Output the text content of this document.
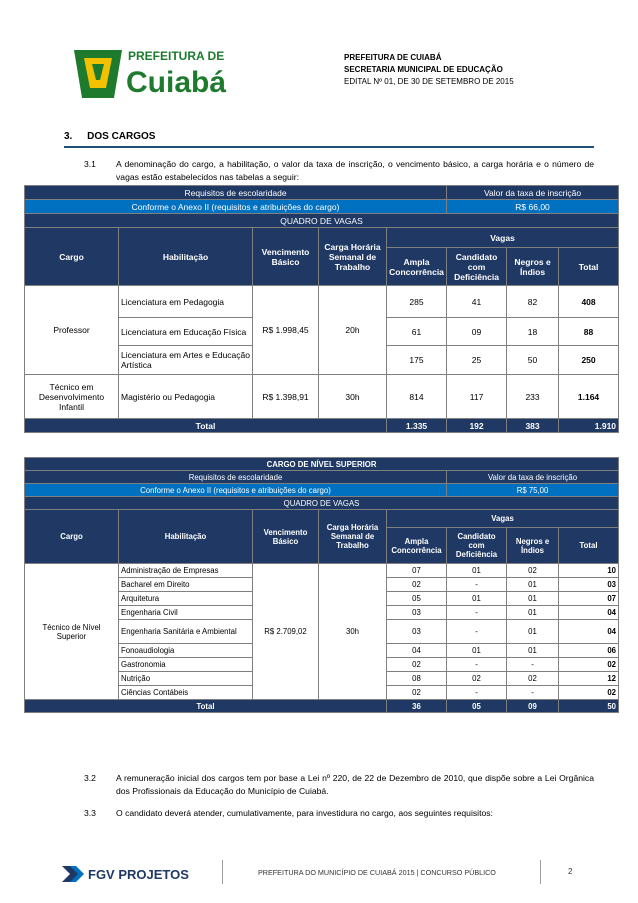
PREFEITURA DE
Cuiabá
PREFEITURA DE CUIABÁ
SECRETARIA MUNICIPAL DE EDUCAÇÃO
EDITAL Nº 01, DE 30 DE SETEMBRO DE 2015
3. DOS CARGOS
3.1 A denominação do cargo, a habilitação, o valor da taxa de inscrição, o vencimento básico, a carga horária e o número de vagas estão estabelecidos nas tabelas a seguir:
Requisitos de escolaridade					Valor da taxa de inscrição		
Conforme o Anexo II (requisitos e atribuições do cargo)					R$ 66,00		
QUADRO DE VAGAS							
Cargo	Habilitação	Vencimento Básico	Carga Horária Semanal de Trabalho	Vagas			
				Ampla Concorrência	Candidato com Deficiência	Negros e Índios	Total
Professor	Licenciatura em Pedagogia	R$ 1.998,45	20h	285	41	82	408
	Licenciatura em Educação Física			61	09	18	88
	Licenciatura em Artes e Educação Artística			175	25	50	250
Técnico em Desenvolvimento Infantil	Magistério ou Pedagogia	R$ 1.398,91	30h	814	117	233	1.164
Total				1.335	192	383	1.910
CARGO DE NÍVEL SUPERIOR							
Requisitos de escolaridade					Valor da taxa de inscrição		
Conforme o Anexo II (requisitos e atribuições do cargo)					R$ 75,00		
QUADRO DE VAGAS							
Cargo	Habilitação	Vencimento Básico	Carga Horária Semanal de Trabalho	Vagas			
				Ampla Concorrência	Candidato com Deficiência	Negros e Índios	Total
Técnico de Nível Superior	Administração de Empresas	R$ 2.709,02	30h	07	01	02	10
	Bacharel em Direito			02	-	01	03
	Arquitetura			05	01	01	07
	Engenharia Civil			03	-	01	04
	Engenharia Sanitária e Ambiental			03	-	01	04
	Fonoaudiologia			04	01	01	06
	Gastronomia			02	-	-	02
	Nutrição			08	02	02	12
	Ciências Contábeis			02	-	-	02
Total				36	05	09	50
3.2 A remuneração inicial dos cargos tem por base a Lei nº 220, de 22 de Dezembro de 2010, que dispõe sobre a Lei Orgânica dos Profissionais da Educação do Município de Cuiabá.
3.3 O candidato deverá atender, cumulativamente, para investidura no cargo, aos seguintes requisitos:
FGV PROJETOS	PREFEITURA DO MUNICÍPIO DE CUIABÁ 2015 | CONCURSO PÚBLICO	2
